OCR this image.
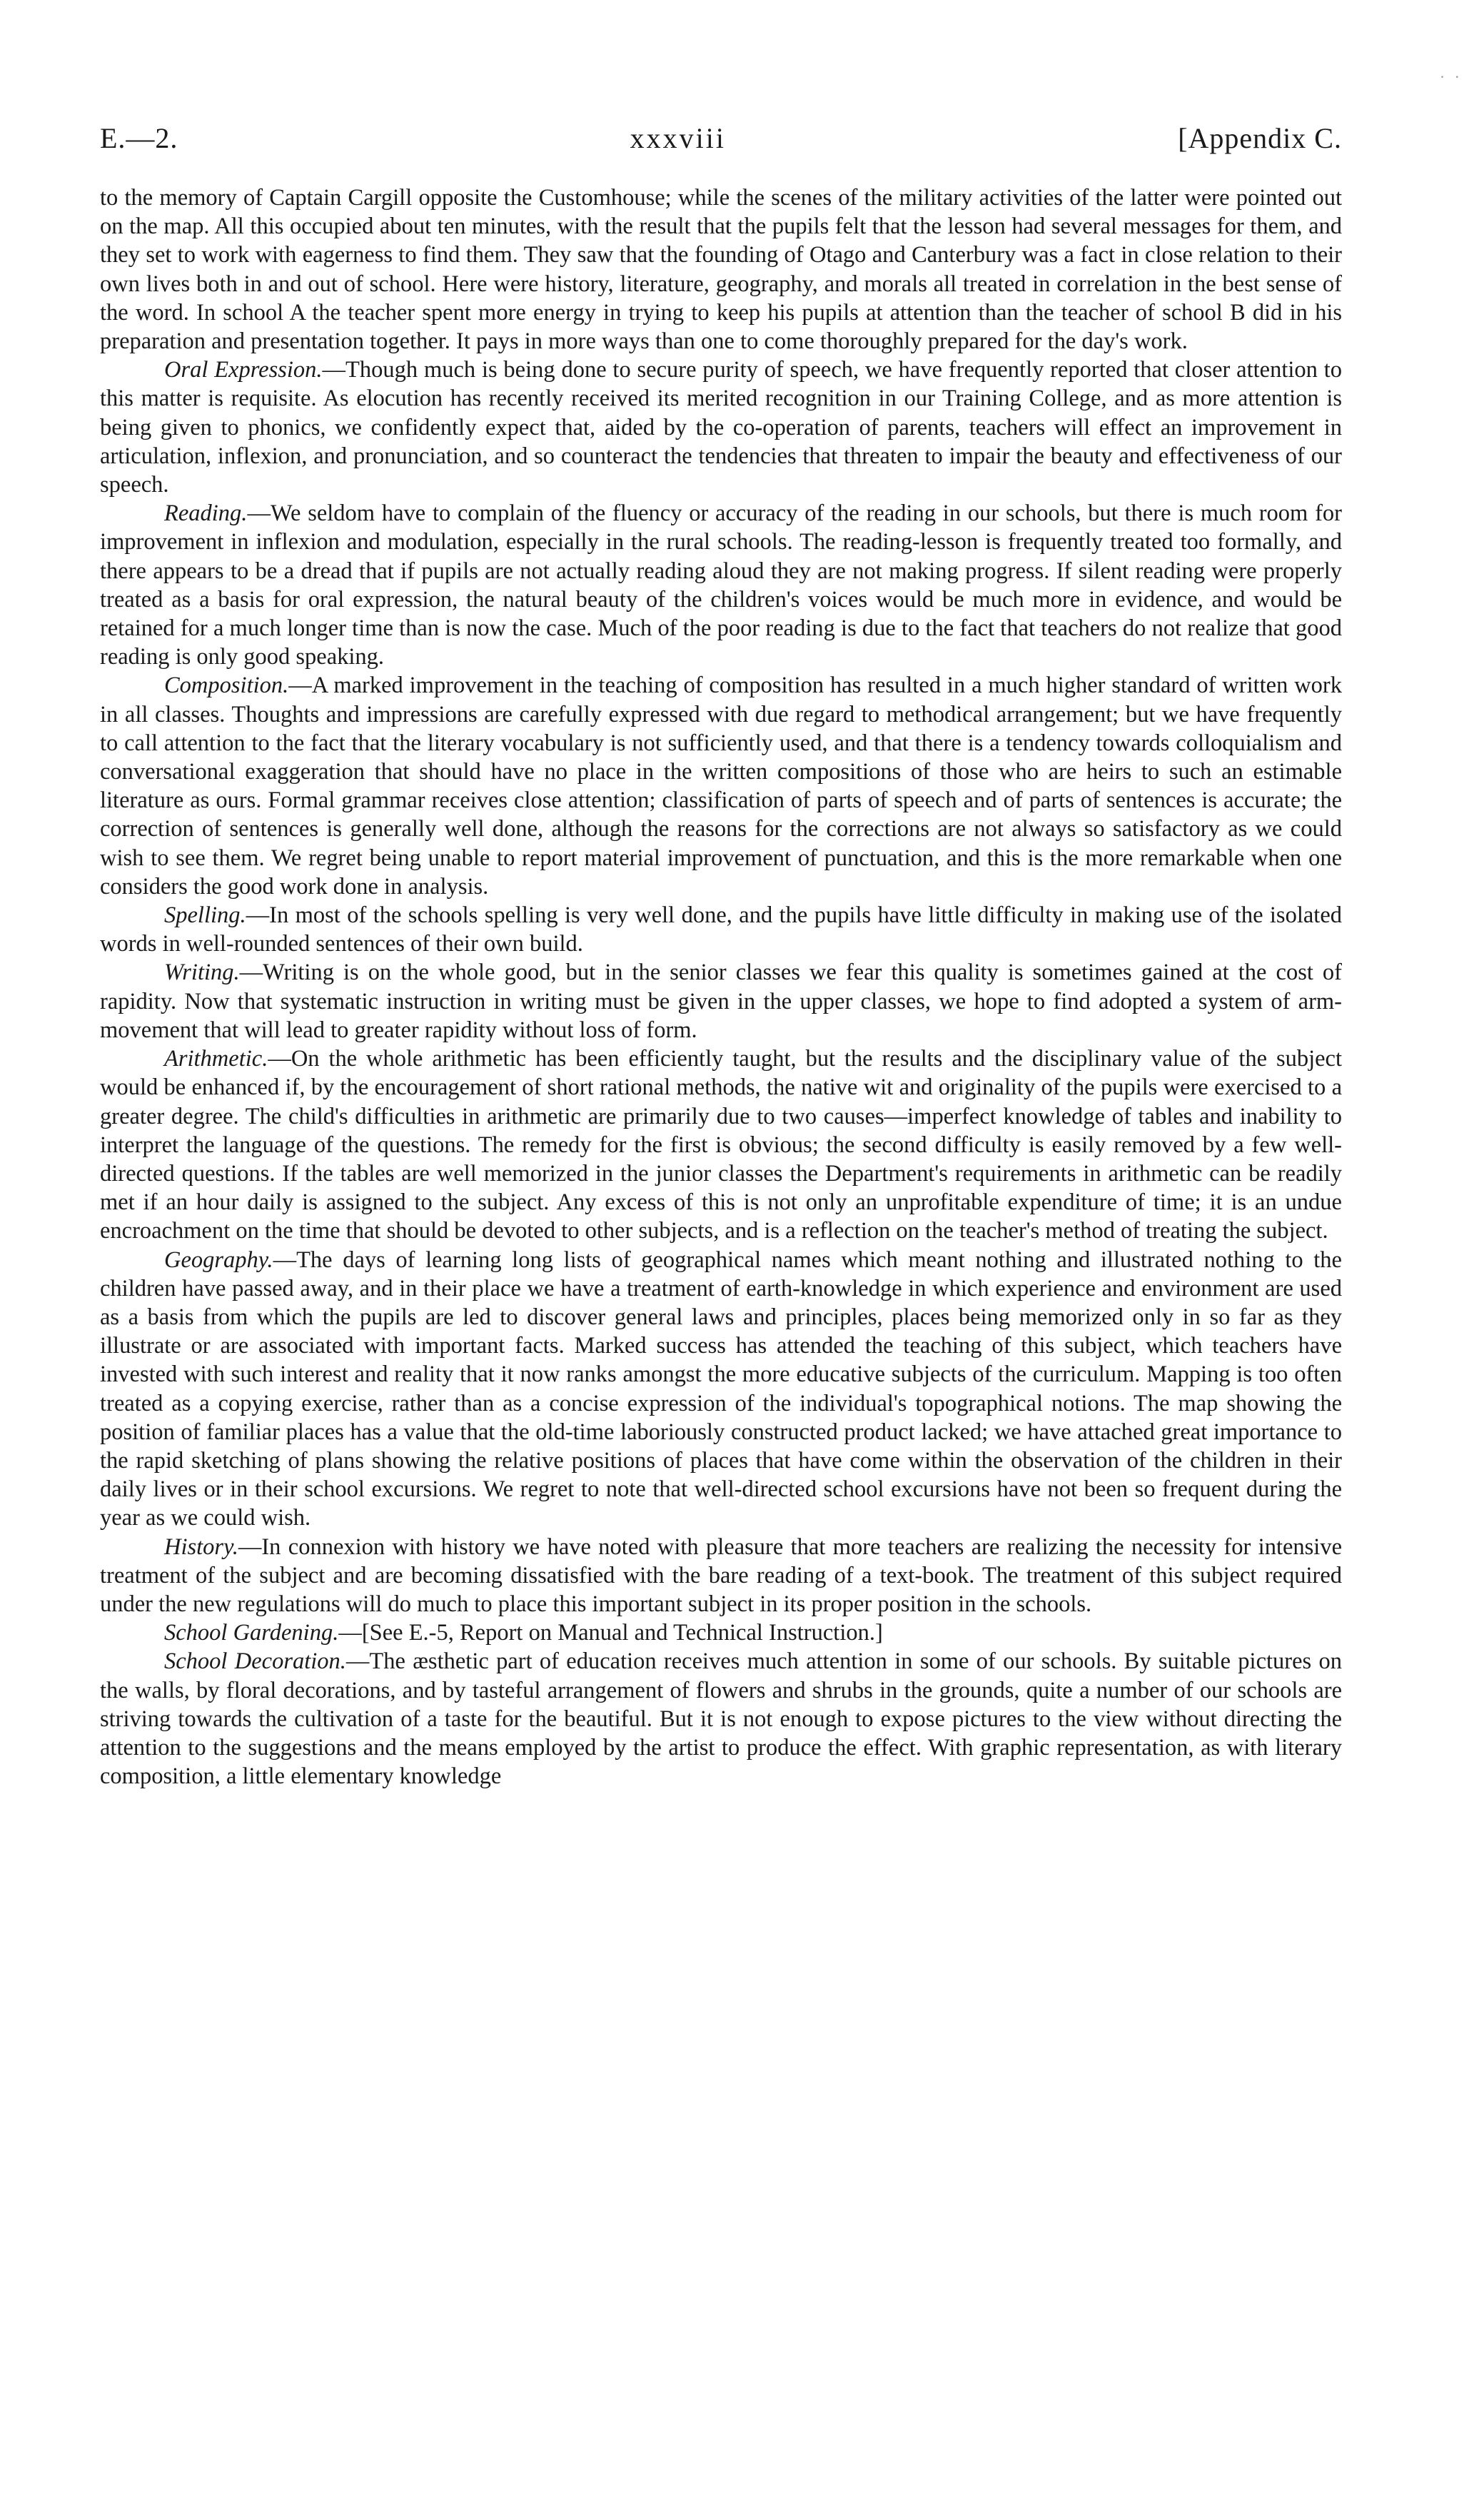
· ·
E.—2.	xxxviii	[Appendix C.

to the memory of Captain Cargill opposite the Customhouse; while the scenes of the military activities of the latter were pointed out on the map. All this occupied about ten minutes, with the result that the pupils felt that the lesson had several messages for them, and they set to work with eagerness to find them. They saw that the founding of Otago and Canterbury was a fact in close relation to their own lives both in and out of school. Here were history, literature, geography, and morals all treated in correlation in the best sense of the word. In school A the teacher spent more energy in trying to keep his pupils at attention than the teacher of school B did in his preparation and presentation together. It pays in more ways than one to come thoroughly prepared for the day's work.

Oral Expression.—Though much is being done to secure purity of speech, we have frequently reported that closer attention to this matter is requisite. As elocution has recently received its merited recognition in our Training College, and as more attention is being given to phonics, we confidently expect that, aided by the co-operation of parents, teachers will effect an improvement in articulation, inflexion, and pronunciation, and so counteract the tendencies that threaten to impair the beauty and effectiveness of our speech.

Reading.—We seldom have to complain of the fluency or accuracy of the reading in our schools, but there is much room for improvement in inflexion and modulation, especially in the rural schools. The reading-lesson is frequently treated too formally, and there appears to be a dread that if pupils are not actually reading aloud they are not making progress. If silent reading were properly treated as a basis for oral expression, the natural beauty of the children's voices would be much more in evidence, and would be retained for a much longer time than is now the case. Much of the poor reading is due to the fact that teachers do not realize that good reading is only good speaking.

Composition.—A marked improvement in the teaching of composition has resulted in a much higher standard of written work in all classes. Thoughts and impressions are carefully expressed with due regard to methodical arrangement; but we have frequently to call attention to the fact that the literary vocabulary is not sufficiently used, and that there is a tendency towards colloquialism and conversational exaggeration that should have no place in the written compositions of those who are heirs to such an estimable literature as ours. Formal grammar receives close attention; classification of parts of speech and of parts of sentences is accurate; the correction of sentences is generally well done, although the reasons for the corrections are not always so satisfactory as we could wish to see them. We regret being unable to report material improvement of punctuation, and this is the more remarkable when one considers the good work done in analysis.

Spelling.—In most of the schools spelling is very well done, and the pupils have little difficulty in making use of the isolated words in well-rounded sentences of their own build.

Writing.—Writing is on the whole good, but in the senior classes we fear this quality is sometimes gained at the cost of rapidity. Now that systematic instruction in writing must be given in the upper classes, we hope to find adopted a system of arm-movement that will lead to greater rapidity without loss of form.

Arithmetic.—On the whole arithmetic has been efficiently taught, but the results and the disciplinary value of the subject would be enhanced if, by the encouragement of short rational methods, the native wit and originality of the pupils were exercised to a greater degree. The child's difficulties in arithmetic are primarily due to two causes—imperfect knowledge of tables and inability to interpret the language of the questions. The remedy for the first is obvious; the second difficulty is easily removed by a few well-directed questions. If the tables are well memorized in the junior classes the Department's requirements in arithmetic can be readily met if an hour daily is assigned to the subject. Any excess of this is not only an unprofitable expenditure of time; it is an undue encroachment on the time that should be devoted to other subjects, and is a reflection on the teacher's method of treating the subject.

Geography.—The days of learning long lists of geographical names which meant nothing and illustrated nothing to the children have passed away, and in their place we have a treatment of earth-knowledge in which experience and environment are used as a basis from which the pupils are led to discover general laws and principles, places being memorized only in so far as they illustrate or are associated with important facts. Marked success has attended the teaching of this subject, which teachers have invested with such interest and reality that it now ranks amongst the more educative subjects of the curriculum. Mapping is too often treated as a copying exercise, rather than as a concise expression of the individual's topographical notions. The map showing the position of familiar places has a value that the old-time laboriously constructed product lacked; we have attached great importance to the rapid sketching of plans showing the relative positions of places that have come within the observation of the children in their daily lives or in their school excursions. We regret to note that well-directed school excursions have not been so frequent during the year as we could wish.

History.—In connexion with history we have noted with pleasure that more teachers are realizing the necessity for intensive treatment of the subject and are becoming dissatisfied with the bare reading of a text-book. The treatment of this subject required under the new regulations will do much to place this important subject in its proper position in the schools.

School Gardening.—[See E.-5, Report on Manual and Technical Instruction.]

School Decoration.—The æsthetic part of education receives much attention in some of our schools. By suitable pictures on the walls, by floral decorations, and by tasteful arrangement of flowers and shrubs in the grounds, quite a number of our schools are striving towards the cultivation of a taste for the beautiful. But it is not enough to expose pictures to the view without directing the attention to the suggestions and the means employed by the artist to produce the effect. With graphic representation, as with literary composition, a little elementary knowledge
